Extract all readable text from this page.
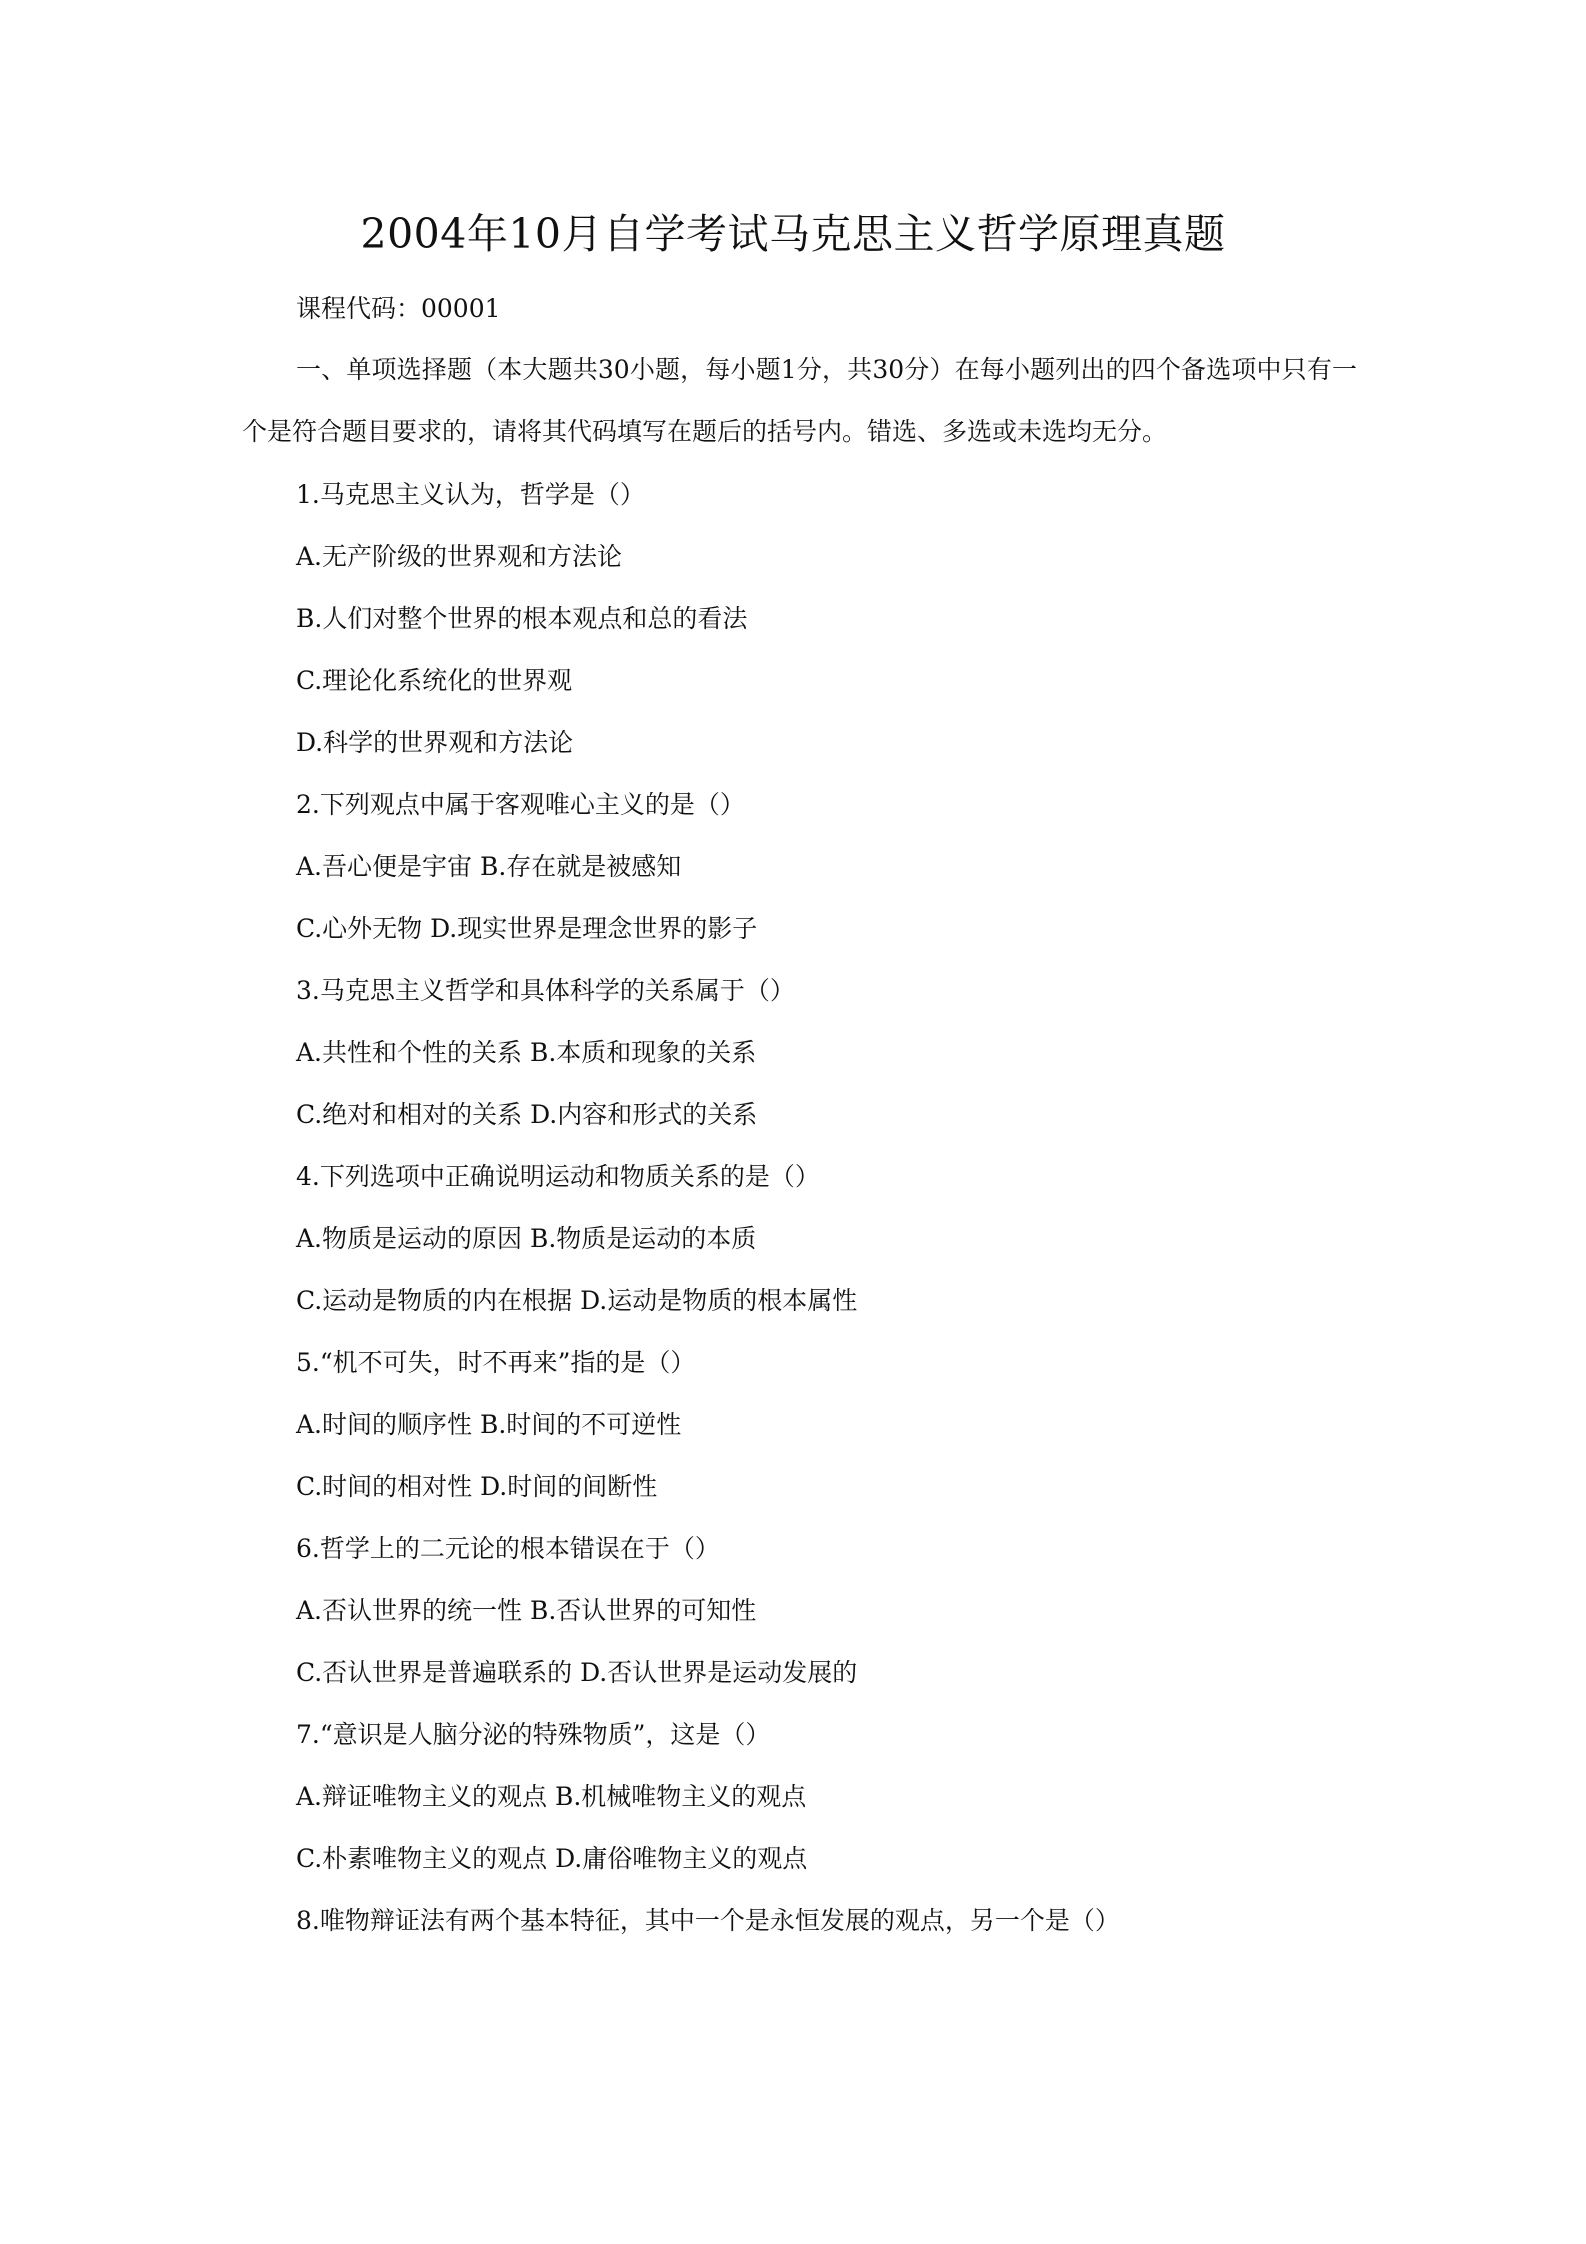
2004年10月自学考试马克思主义哲学原理真题

课程代码：00001

一、单项选择题（本大题共30小题，每小题1分，共30分）在每小题列出的四个备选项中只有一个是符合题目要求的，请将其代码填写在题后的括号内。错选、多选或未选均无分。

1.马克思主义认为，哲学是（）

A.无产阶级的世界观和方法论

B.人们对整个世界的根本观点和总的看法

C.理论化系统化的世界观

D.科学的世界观和方法论

2.下列观点中属于客观唯心主义的是（）

A.吾心便是宇宙 B.存在就是被感知

C.心外无物 D.现实世界是理念世界的影子

3.马克思主义哲学和具体科学的关系属于（）

A.共性和个性的关系 B.本质和现象的关系

C.绝对和相对的关系 D.内容和形式的关系

4.下列选项中正确说明运动和物质关系的是（）

A.物质是运动的原因 B.物质是运动的本质

C.运动是物质的内在根据 D.运动是物质的根本属性

5.“机不可失，时不再来”指的是（）

A.时间的顺序性 B.时间的不可逆性

C.时间的相对性 D.时间的间断性

6.哲学上的二元论的根本错误在于（）

A.否认世界的统一性 B.否认世界的可知性

C.否认世界是普遍联系的 D.否认世界是运动发展的

7.“意识是人脑分泌的特殊物质”，这是（）

A.辩证唯物主义的观点 B.机械唯物主义的观点

C.朴素唯物主义的观点 D.庸俗唯物主义的观点

8.唯物辩证法有两个基本特征，其中一个是永恒发展的观点，另一个是（）
